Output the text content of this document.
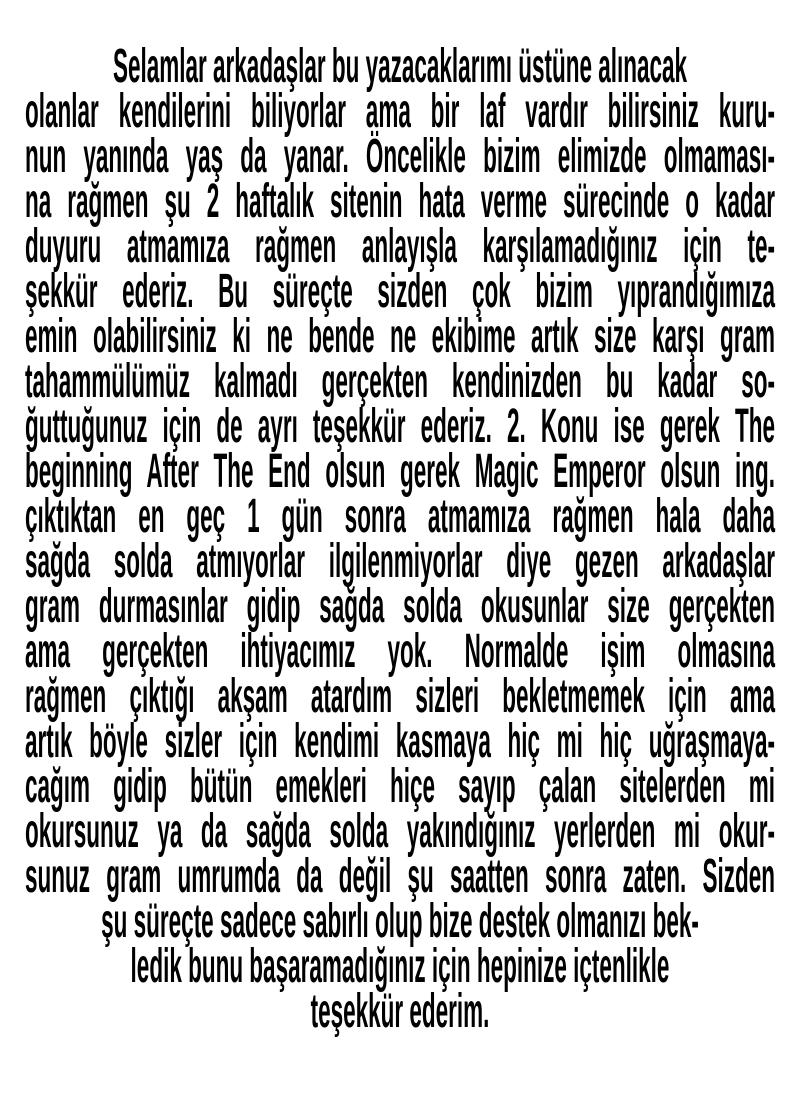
Selamlar arkadaşlar bu yazacaklarımı üstüne alınacak
olanlar kendilerini biliyorlar ama bir laf vardır bilirsiniz kuru-
nun yanında yaş da yanar. Öncelikle bizim elimizde olmaması-
na rağmen şu 2 haftalık sitenin hata verme sürecinde o kadar
duyuru atmamıza rağmen anlayışla karşılamadığınız için te-
şekkür ederiz. Bu süreçte sizden çok bizim yıprandığımıza
emin olabilirsiniz ki ne bende ne ekibime artık size karşı gram
tahammülümüz kalmadı gerçekten kendinizden bu kadar so-
ğuttuğunuz için de ayrı teşekkür ederiz. 2. Konu ise gerek The
beginning After The End olsun gerek Magic Emperor olsun ing.
çıktıktan en geç 1 gün sonra atmamıza rağmen hala daha
sağda solda atmıyorlar ilgilenmiyorlar diye gezen arkadaşlar
gram durmasınlar gidip sağda solda okusunlar size gerçekten
ama gerçekten ihtiyacımız yok. Normalde işim olmasına
rağmen çıktığı akşam atardım sizleri bekletmemek için ama
artık böyle sizler için kendimi kasmaya hiç mi hiç uğraşmaya-
cağım gidip bütün emekleri hiçe sayıp çalan sitelerden mi
okursunuz ya da sağda solda yakındığınız yerlerden mi okur-
sunuz gram umrumda da değil şu saatten sonra zaten. Sizden
şu süreçte sadece sabırlı olup bize destek olmanızı bek-
ledik bunu başaramadığınız için hepinize içtenlikle
teşekkür ederim.
